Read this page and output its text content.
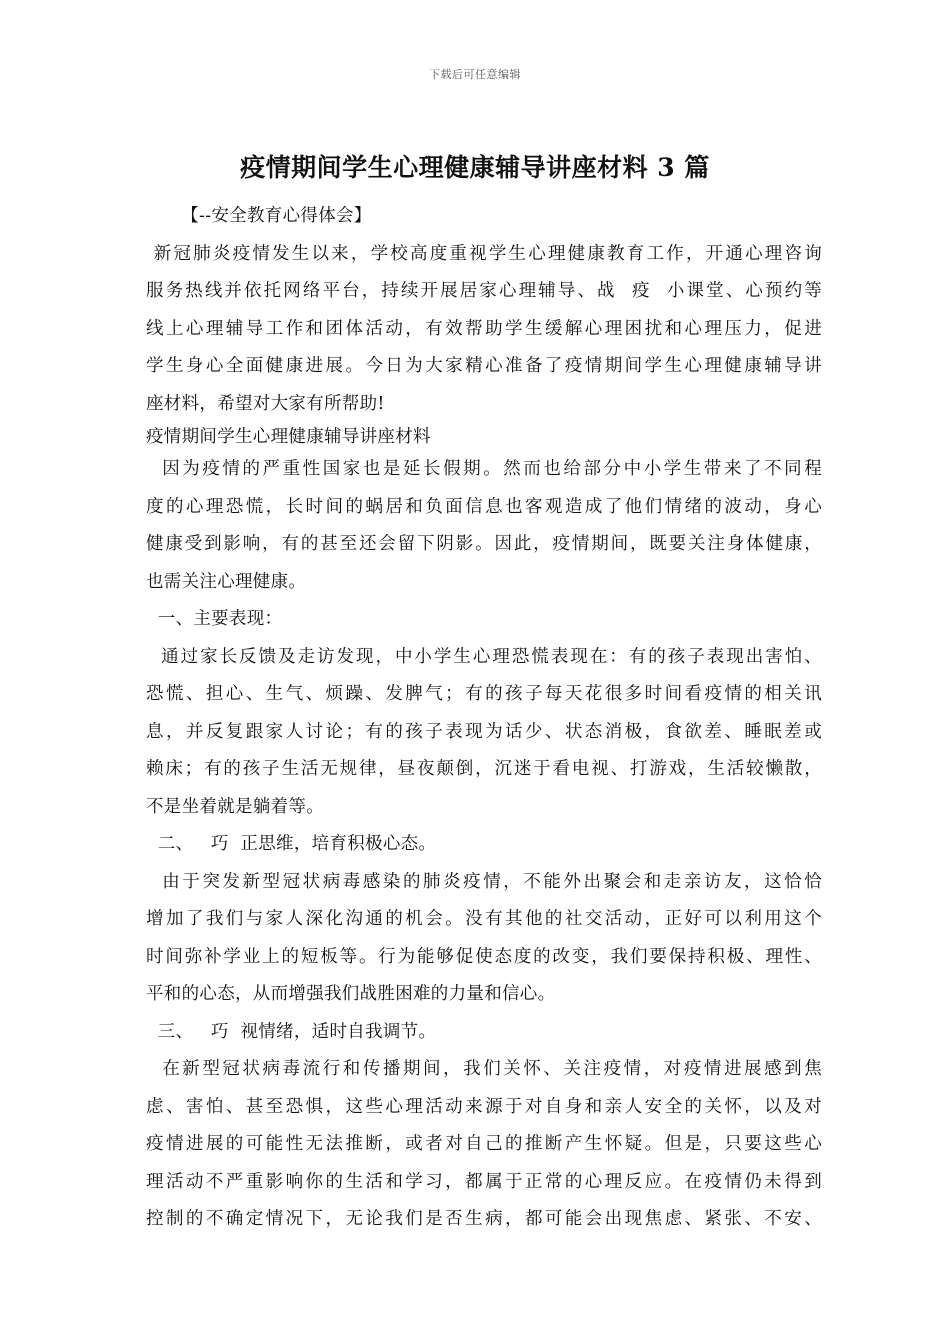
下载后可任意编辑
疫情期间学生心理健康辅导讲座材料 3 篇
【--安全教育心得体会】
新冠肺炎疫情发生以来，学校高度重视学生心理健康教育工作，开通心理咨询
服务热线并依托网络平台，持续开展居家心理辅导、战  疫  小课堂、心预约等
线上心理辅导工作和团体活动，有效帮助学生缓解心理困扰和心理压力，促进
学生身心全面健康进展。今日为大家精心准备了疫情期间学生心理健康辅导讲
座材料，希望对大家有所帮助!
疫情期间学生心理健康辅导讲座材料
因为疫情的严重性国家也是延长假期。然而也给部分中小学生带来了不同程
度的心理恐慌，长时间的蜗居和负面信息也客观造成了他们情绪的波动，身心
健康受到影响，有的甚至还会留下阴影。因此，疫情期间，既要关注身体健康，
也需关注心理健康。
一、主要表现：
通过家长反馈及走访发现，中小学生心理恐慌表现在：有的孩子表现出害怕、
恐慌、担心、生气、烦躁、发脾气；有的孩子每天花很多时间看疫情的相关讯
息，并反复跟家人讨论；有的孩子表现为话少、状态消极，食欲差、睡眠差或
赖床；有的孩子生活无规律，昼夜颠倒，沉迷于看电视、打游戏，生活较懒散，
不是坐着就是躺着等。
二、   巧  正思维，培育积极心态。
由于突发新型冠状病毒感染的肺炎疫情，不能外出聚会和走亲访友，这恰恰
增加了我们与家人深化沟通的机会。没有其他的社交活动，正好可以利用这个
时间弥补学业上的短板等。行为能够促使态度的改变，我们要保持积极、理性、
平和的心态，从而增强我们战胜困难的力量和信心。
三、   巧  视情绪，适时自我调节。
在新型冠状病毒流行和传播期间，我们关怀、关注疫情，对疫情进展感到焦
虑、害怕、甚至恐惧，这些心理活动来源于对自身和亲人安全的关怀，以及对
疫情进展的可能性无法推断，或者对自己的推断产生怀疑。但是，只要这些心
理活动不严重影响你的生活和学习，都属于正常的心理反应。在疫情仍未得到
控制的不确定情况下，无论我们是否生病，都可能会出现焦虑、紧张、不安、
